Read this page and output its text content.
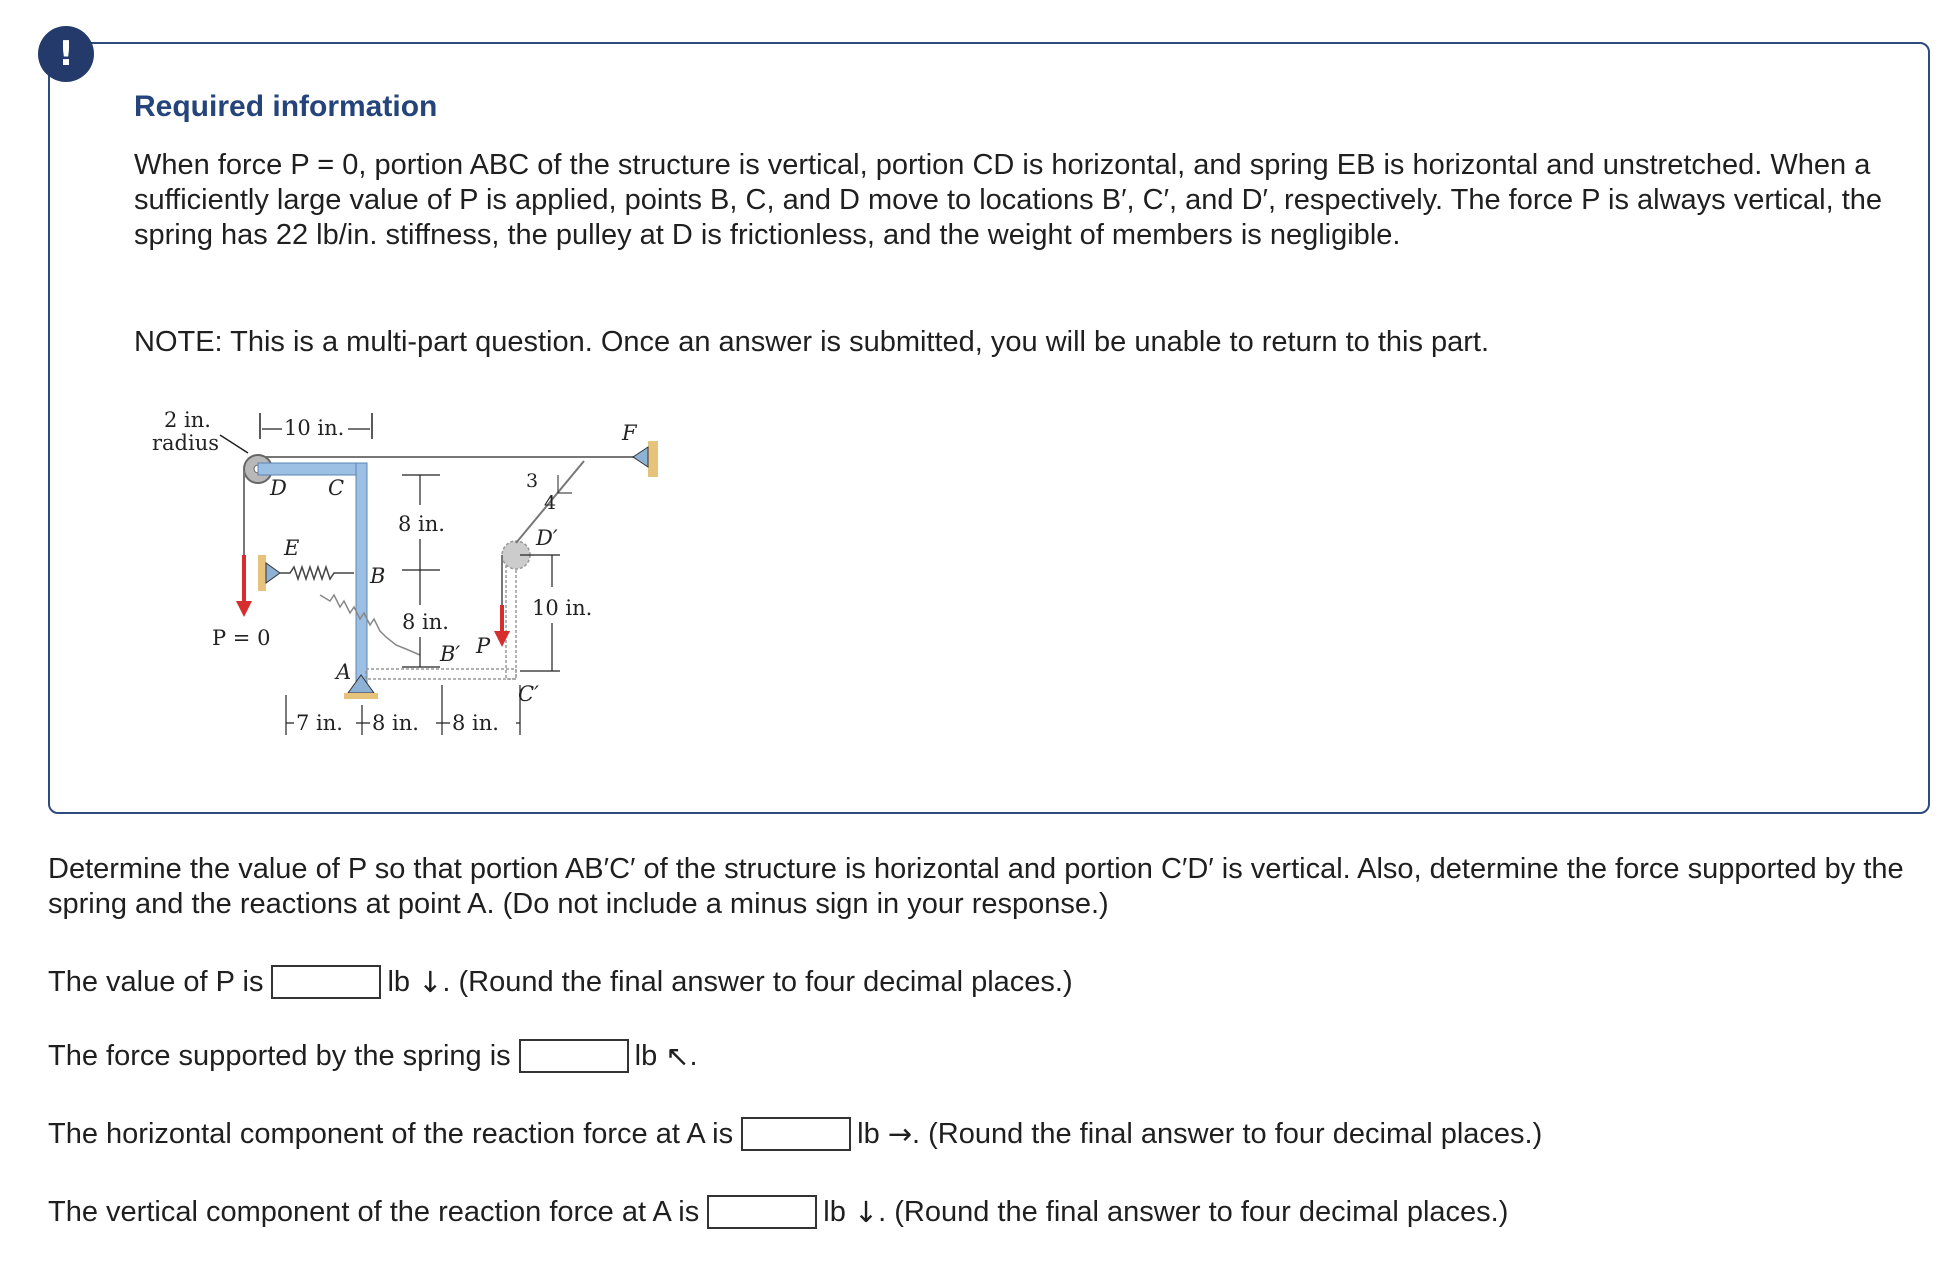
!
Required information
When force P = 0, portion ABC of the structure is vertical, portion CD is horizontal, and spring EB is horizontal and unstretched. When a sufficiently large value of P is applied, points B, C, and D move to locations B′, C′, and D′, respectively. The force P is always vertical, the spring has 22 lb/in. stiffness, the pulley at D is frictionless, and the weight of members is negligible.
NOTE: This is a multi-part question. Once an answer is submitted, you will be unable to return to this part.
2 in.
radius
10 in.	F
D C
P = 0
E
B
8 in.
8 in.
A
B′
C′
D′
3
4
P
10 in.
7 in. 8 in. 8 in.
Determine the value of P so that portion AB′C′ of the structure is horizontal and portion C′D′ is vertical. Also, determine the force supported by the spring and the reactions at point A. (Do not include a minus sign in your response.)
The value of P is	lb ↓ . (Round the final answer to four decimal places.)
The force supported by the spring is	lb ↖ .
The horizontal component of the reaction force at A is	lb → . (Round the final answer to four decimal places.)
The vertical component of the reaction force at A is	lb ↓ . (Round the final answer to four decimal places.)
